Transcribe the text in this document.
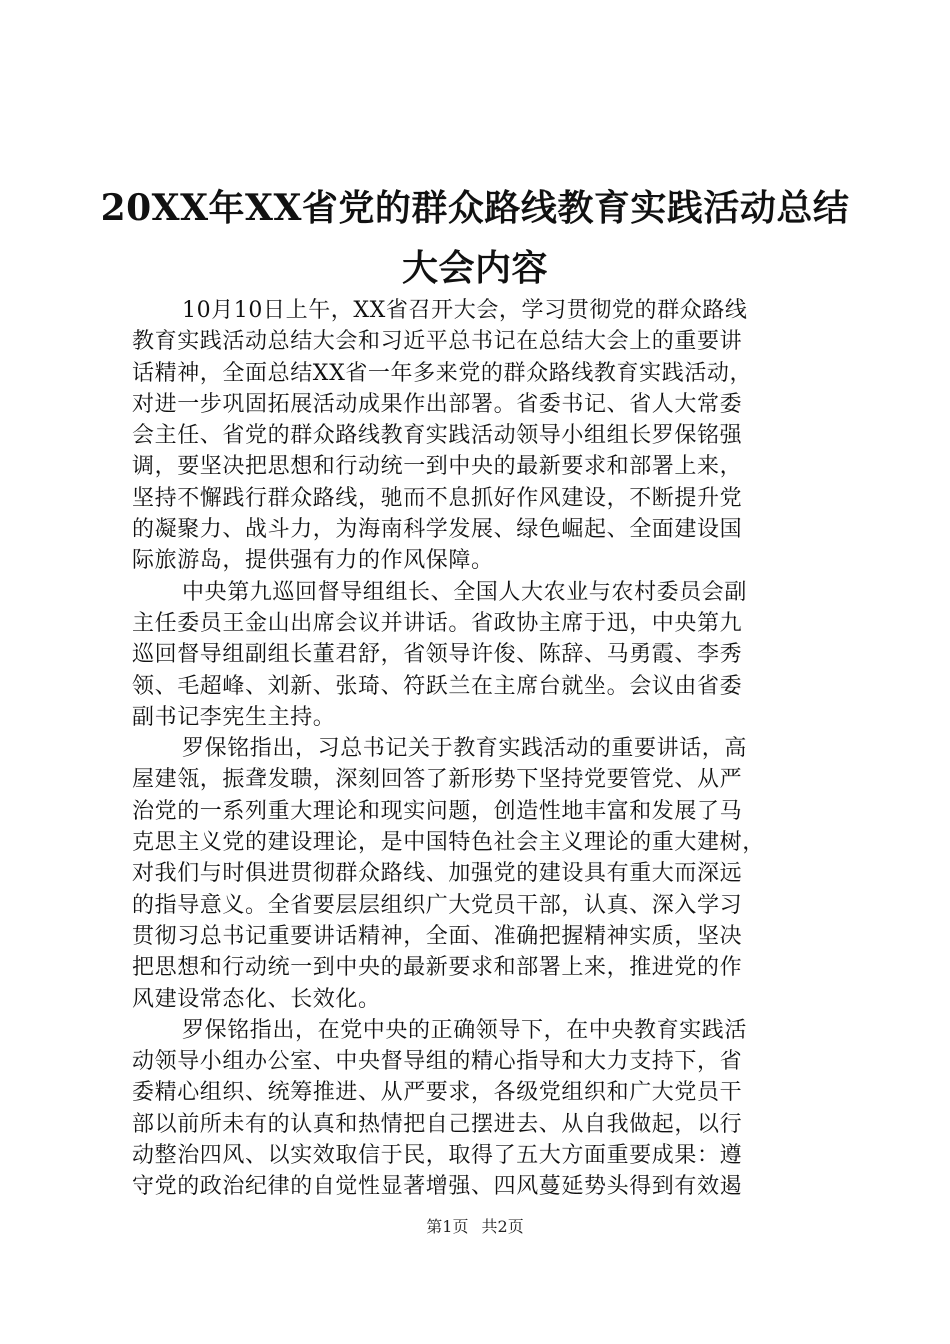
20XX年XX省党的群众路线教育实践活动总结
大会内容
10月10日上午，XX省召开大会，学习贯彻党的群众路线
教育实践活动总结大会和习近平总书记在总结大会上的重要讲
话精神，全面总结XX省一年多来党的群众路线教育实践活动，
对进一步巩固拓展活动成果作出部署。省委书记、省人大常委
会主任、省党的群众路线教育实践活动领导小组组长罗保铭强
调，要坚决把思想和行动统一到中央的最新要求和部署上来，
坚持不懈践行群众路线，驰而不息抓好作风建设，不断提升党
的凝聚力、战斗力，为海南科学发展、绿色崛起、全面建设国
际旅游岛，提供强有力的作风保障。
中央第九巡回督导组组长、全国人大农业与农村委员会副
主任委员王金山出席会议并讲话。省政协主席于迅，中央第九
巡回督导组副组长董君舒，省领导许俊、陈辞、马勇霞、李秀
领、毛超峰、刘新、张琦、符跃兰在主席台就坐。会议由省委
副书记李宪生主持。
罗保铭指出，习总书记关于教育实践活动的重要讲话，高
屋建瓴，振聋发聩，深刻回答了新形势下坚持党要管党、从严
治党的一系列重大理论和现实问题，创造性地丰富和发展了马
克思主义党的建设理论，是中国特色社会主义理论的重大建树，
对我们与时俱进贯彻群众路线、加强党的建设具有重大而深远
的指导意义。全省要层层组织广大党员干部，认真、深入学习
贯彻习总书记重要讲话精神，全面、准确把握精神实质，坚决
把思想和行动统一到中央的最新要求和部署上来，推进党的作
风建设常态化、长效化。
罗保铭指出，在党中央的正确领导下，在中央教育实践活
动领导小组办公室、中央督导组的精心指导和大力支持下，省
委精心组织、统筹推进、从严要求，各级党组织和广大党员干
部以前所未有的认真和热情把自己摆进去、从自我做起，以行
动整治四风、以实效取信于民，取得了五大方面重要成果：遵
守党的政治纪律的自觉性显著增强、四风蔓延势头得到有效遏
第1页 共2页
